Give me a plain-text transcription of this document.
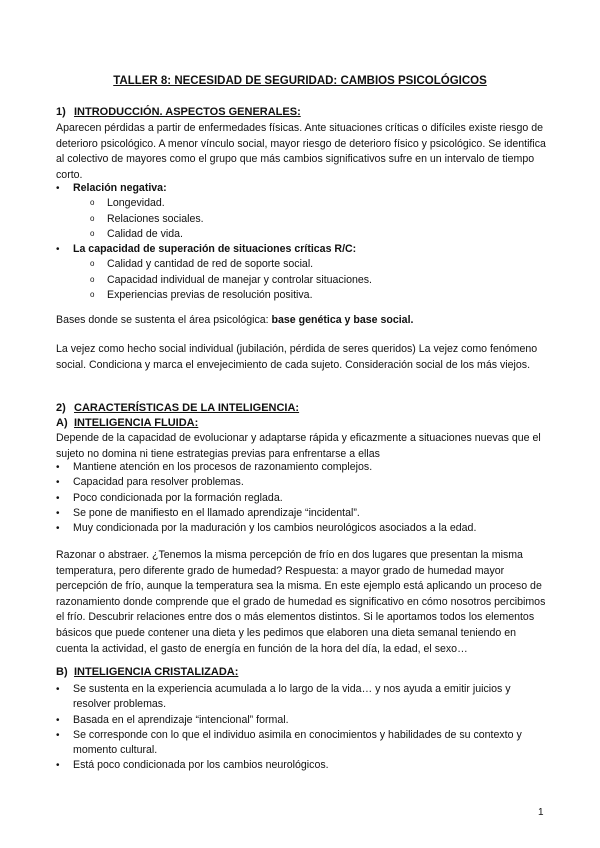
TALLER 8: NECESIDAD DE SEGURIDAD: CAMBIOS PSICOLÓGICOS
1) INTRODUCCIÓN. ASPECTOS GENERALES:
Aparecen pérdidas a partir de enfermedades físicas. Ante situaciones críticas o difíciles existe riesgo de deterioro psicológico. A menor vínculo social, mayor riesgo de deterioro físico y psicológico. Se identifica al colectivo de mayores como el grupo que más cambios significativos sufre en un intervalo de tiempo corto.
• Relación negativa:
o Longevidad.
o Relaciones sociales.
o Calidad de vida.
• La capacidad de superación de situaciones críticas R/C:
o Calidad y cantidad de red de soporte social.
o Capacidad individual de manejar y controlar situaciones.
o Experiencias previas de resolución positiva.
Bases donde se sustenta el área psicológica: base genética y base social.
La vejez como hecho social individual (jubilación, pérdida de seres queridos) La vejez como fenómeno social. Condiciona y marca el envejecimiento de cada sujeto. Consideración social de los más viejos.
2) CARACTERÍSTICAS DE LA INTELIGENCIA:
A) INTELIGENCIA FLUIDA:
Depende de la capacidad de evolucionar y adaptarse rápida y eficazmente a situaciones nuevas que el sujeto no domina ni tiene estrategias previas para enfrentarse a ellas
• Mantiene atención en los procesos de razonamiento complejos.
• Capacidad para resolver problemas.
• Poco condicionada por la formación reglada.
• Se pone de manifiesto en el llamado aprendizaje “incidental”.
• Muy condicionada por la maduración y los cambios neurológicos asociados a la edad.
Razonar o abstraer. ¿Tenemos la misma percepción de frío en dos lugares que presentan la misma temperatura, pero diferente grado de humedad? Respuesta: a mayor grado de humedad mayor percepción de frío, aunque la temperatura sea la misma. En este ejemplo está aplicando un proceso de razonamiento donde comprende que el grado de humedad es significativo en cómo nosotros percibimos el frío. Descubrir relaciones entre dos o más elementos distintos. Si le aportamos todos los elementos básicos que puede contener una dieta y les pedimos que elaboren una dieta semanal teniendo en cuenta la actividad, el gasto de energía en función de la hora del día, la edad, el sexo…
B) INTELIGENCIA CRISTALIZADA:
• Se sustenta en la experiencia acumulada a lo largo de la vida… y nos ayuda a emitir juicios y resolver problemas.
• Basada en el aprendizaje “intencional” formal.
• Se corresponde con lo que el individuo asimila en conocimientos y habilidades de su contexto y momento cultural.
• Está poco condicionada por los cambios neurológicos.
1
